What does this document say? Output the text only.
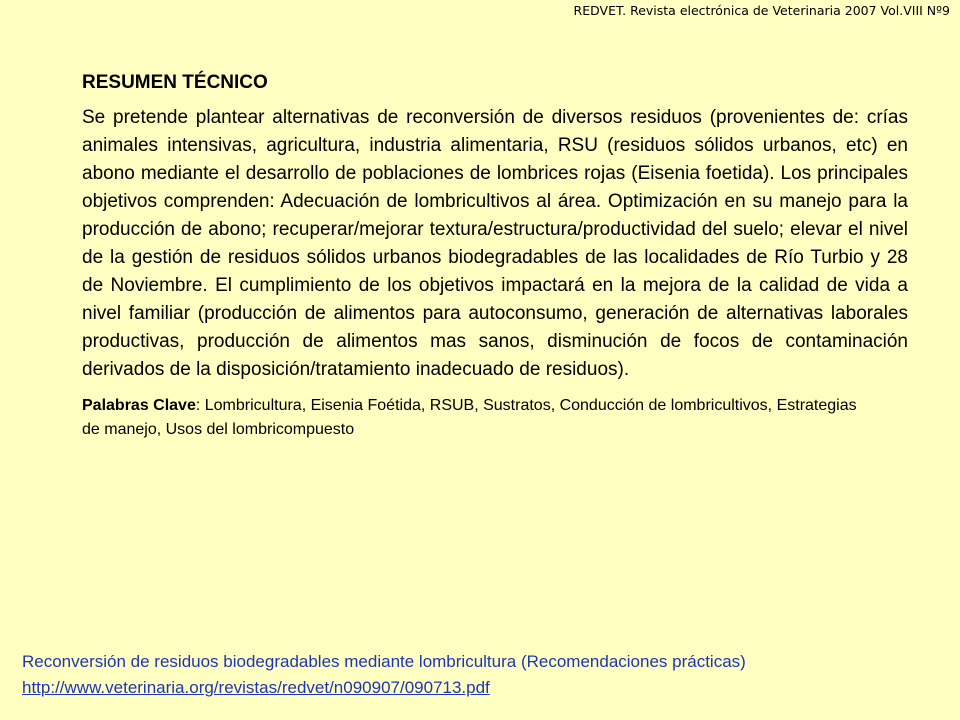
REDVET. Revista electrónica de Veterinaria 2007 Vol.VIII Nº9
RESUMEN TÉCNICO

Se pretende plantear alternativas de reconversión de diversos residuos (provenientes de: crías animales intensivas, agricultura, industria alimentaria, RSU (residuos sólidos urbanos, etc) en abono mediante el desarrollo de poblaciones de lombrices rojas (Eisenia foetida). Los principales objetivos comprenden: Adecuación de lombricultivos al área. Optimización en su manejo para la producción de abono; recuperar/mejorar textura/estructura/productividad del suelo; elevar el nivel de la gestión de residuos sólidos urbanos biodegradables de las localidades de Río Turbio y 28 de Noviembre. El cumplimiento de los objetivos impactará en la mejora de la calidad de vida a nivel familiar (producción de alimentos para autoconsumo, generación de alternativas laborales productivas, producción de alimentos mas sanos, disminución de focos de contaminación derivados de la disposición/tratamiento inadecuado de residuos).

Palabras Clave: Lombricultura, Eisenia Foétida, RSUB, Sustratos, Conducción de lombricultivos, Estrategias de manejo, Usos del lombricompuesto

Reconversión de residuos biodegradables mediante lombricultura (Recomendaciones prácticas)
http://www.veterinaria.org/revistas/redvet/n090907/090713.pdf
